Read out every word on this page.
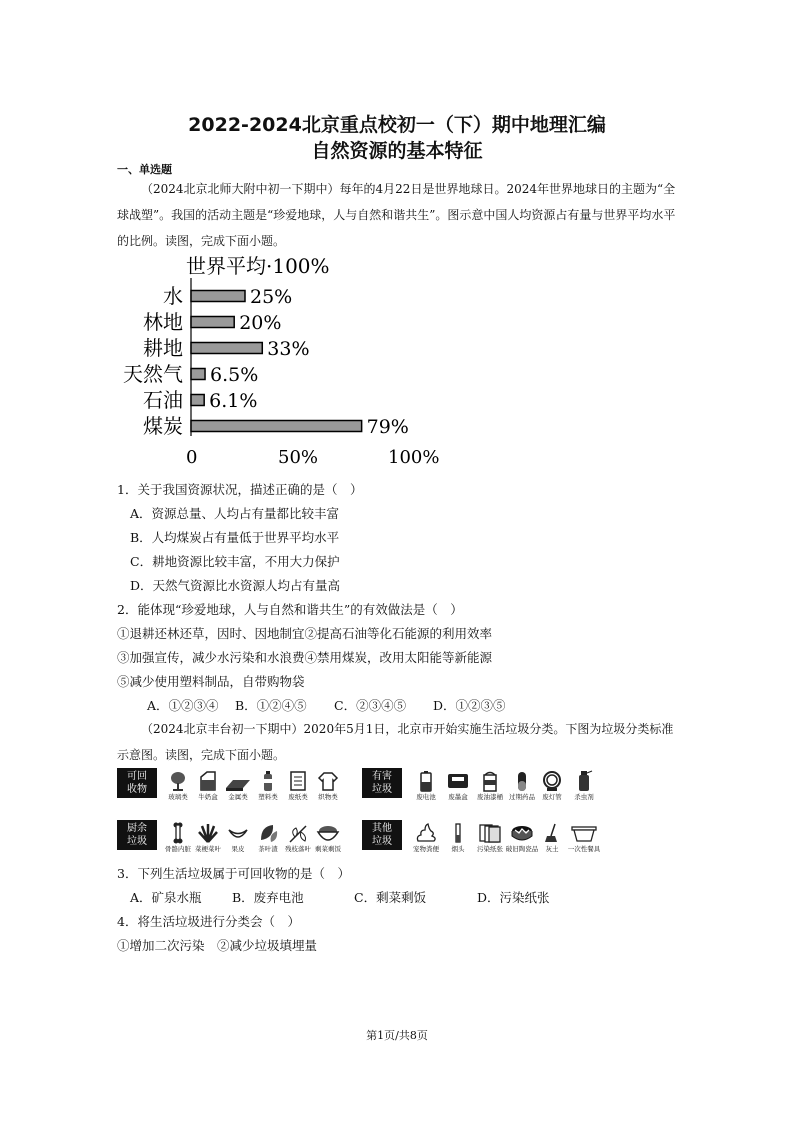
2022-2024北京重点校初一（下）期中地理汇编
自然资源的基本特征
一、单选题
（2024北京北师大附中初一下期中）每年的4月22日是世界地球日。2024年世界地球日的主题为“全球战塑”。我国的活动主题是“珍爱地球，人与自然和谐共生”。图示意中国人均资源占有量与世界平均水平的比例。读图，完成下面小题。
世界平均·100%
水	25%
林地	20%
耕地	33%
天然气 6.5%
石油 6.1%
煤炭	79%
0	50%	100%
1．关于我国资源状况，描述正确的是（　）
A．资源总量、人均占有量都比较丰富
B．人均煤炭占有量低于世界平均水平
C．耕地资源比较丰富，不用大力保护
D．天然气资源比水资源人均占有量高
2．能体现“珍爱地球，人与自然和谐共生”的有效做法是（　）
①退耕还林还草，因时、因地制宜②提高石油等化石能源的利用效率
③加强宣传，减少水污染和水浪费④禁用煤炭，改用太阳能等新能源
⑤减少使用塑料制品，自带购物袋
A．①②③④ B．①②④⑤ C．②③④⑤ D．①②③⑤
（2024北京丰台初一下期中）2020年5月1日，北京市开始实施生活垃圾分类。下图为垃圾分类标准示意图。读图，完成下面小题。
可回
收物
有害
垃圾
厨余
垃圾
其他
垃圾
玻璃类	牛奶盒	金属类	塑料类	废纸类	织物类	废电池	废墨盒	废油漆桶 过期药品	废灯管	杀虫剂
骨骼内脏 菜梗菜叶	果皮	茶叶渣	残枝落叶 剩菜剩饭	宠物粪便	烟头	污染纸张 破旧陶瓷品	灰土	一次性餐具
3．下列生活垃圾属于可回收物的是（　）
A．矿泉水瓶 B．废弃电池	C．剩菜剩饭	D．污染纸张
4．将生活垃圾进行分类会（　）
①增加二次污染　②减少垃圾填埋量
第1页/共8页
